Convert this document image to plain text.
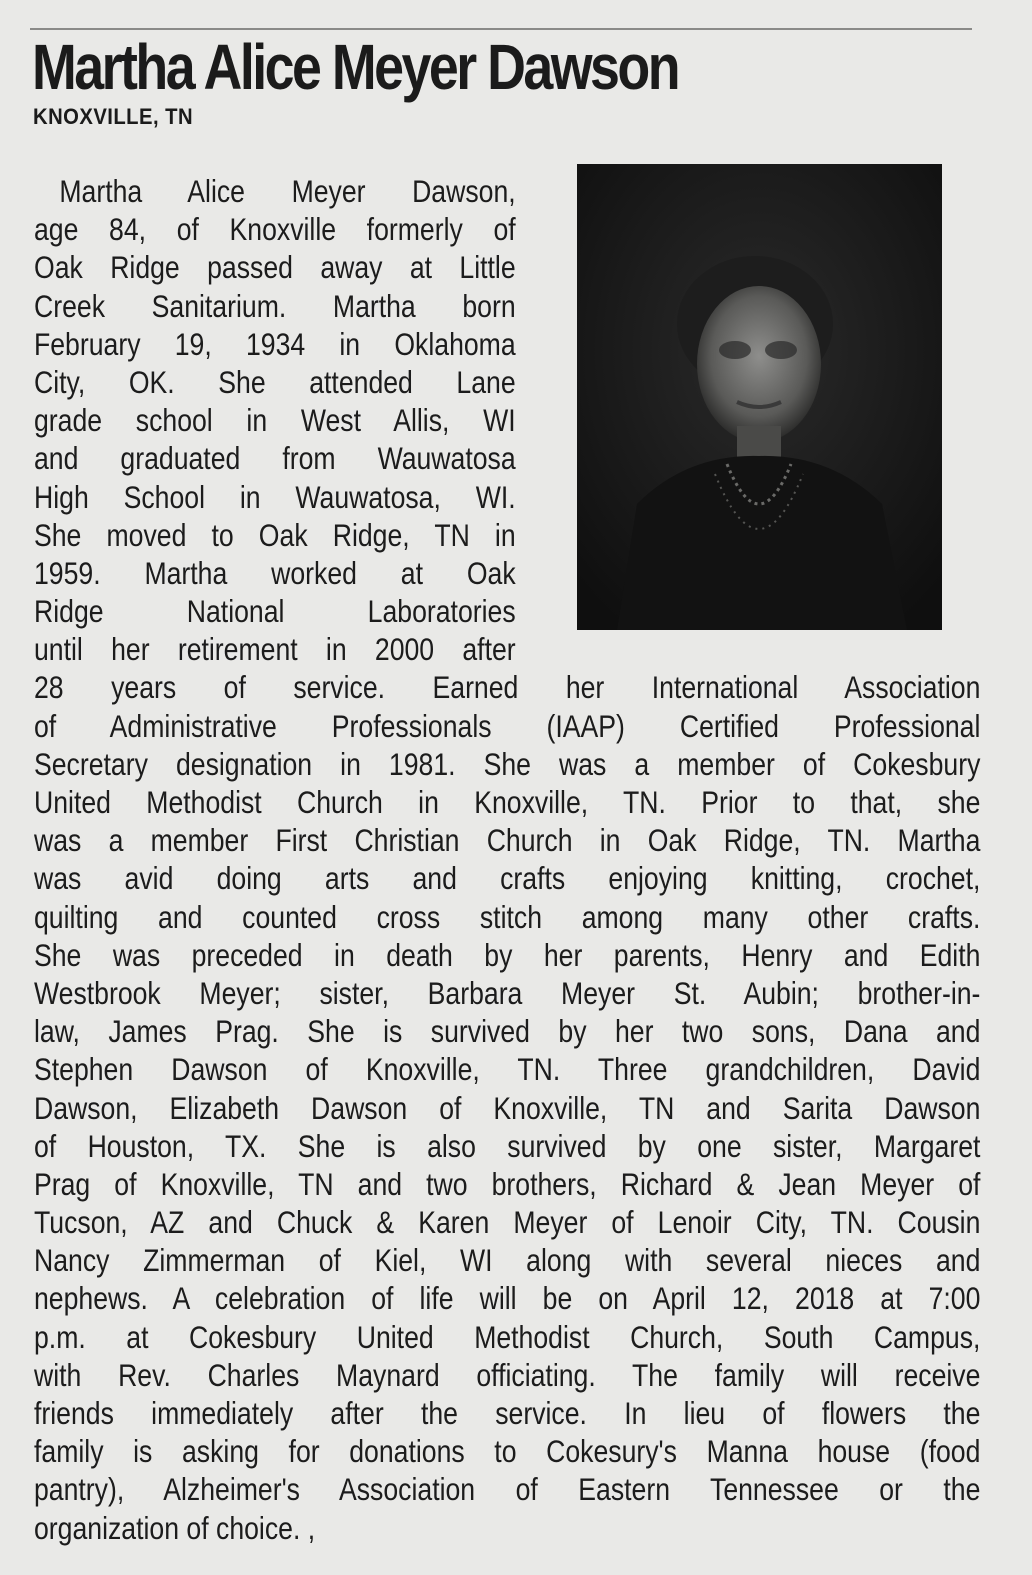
Martha Alice Meyer Dawson
KNOXVILLE, TN
Martha Alice Meyer Dawson,
age 84, of Knoxville formerly of
Oak Ridge passed away at Little
Creek Sanitarium. Martha born
February 19, 1934 in Oklahoma
City, OK. She attended Lane
grade school in West Allis, WI
and graduated from Wauwatosa
High School in Wauwatosa, WI.
She moved to Oak Ridge, TN in
1959. Martha worked at Oak
Ridge National Laboratories
until her retirement in 2000 after
28 years of service. Earned her International Association
of Administrative Professionals (IAAP) Certified Professional
Secretary designation in 1981. She was a member of Cokesbury
United Methodist Church in Knoxville, TN. Prior to that, she
was a member First Christian Church in Oak Ridge, TN. Martha
was avid doing arts and crafts enjoying knitting, crochet,
quilting and counted cross stitch among many other crafts.
She was preceded in death by her parents, Henry and Edith
Westbrook Meyer; sister, Barbara Meyer St. Aubin; brother-in-
law, James Prag. She is survived by her two sons, Dana and
Stephen Dawson of Knoxville, TN. Three grandchildren, David
Dawson, Elizabeth Dawson of Knoxville, TN and Sarita Dawson
of Houston, TX. She is also survived by one sister, Margaret
Prag of Knoxville, TN and two brothers, Richard & Jean Meyer of
Tucson, AZ and Chuck & Karen Meyer of Lenoir City, TN. Cousin
Nancy Zimmerman of Kiel, WI along with several nieces and
nephews. A celebration of life will be on April 12, 2018 at 7:00
p.m. at Cokesbury United Methodist Church, South Campus,
with Rev. Charles Maynard officiating. The family will receive
friends immediately after the service. In lieu of flowers the
family is asking for donations to Cokesury's Manna house (food
pantry), Alzheimer's Association of Eastern Tennessee or the
organization of choice. ,
